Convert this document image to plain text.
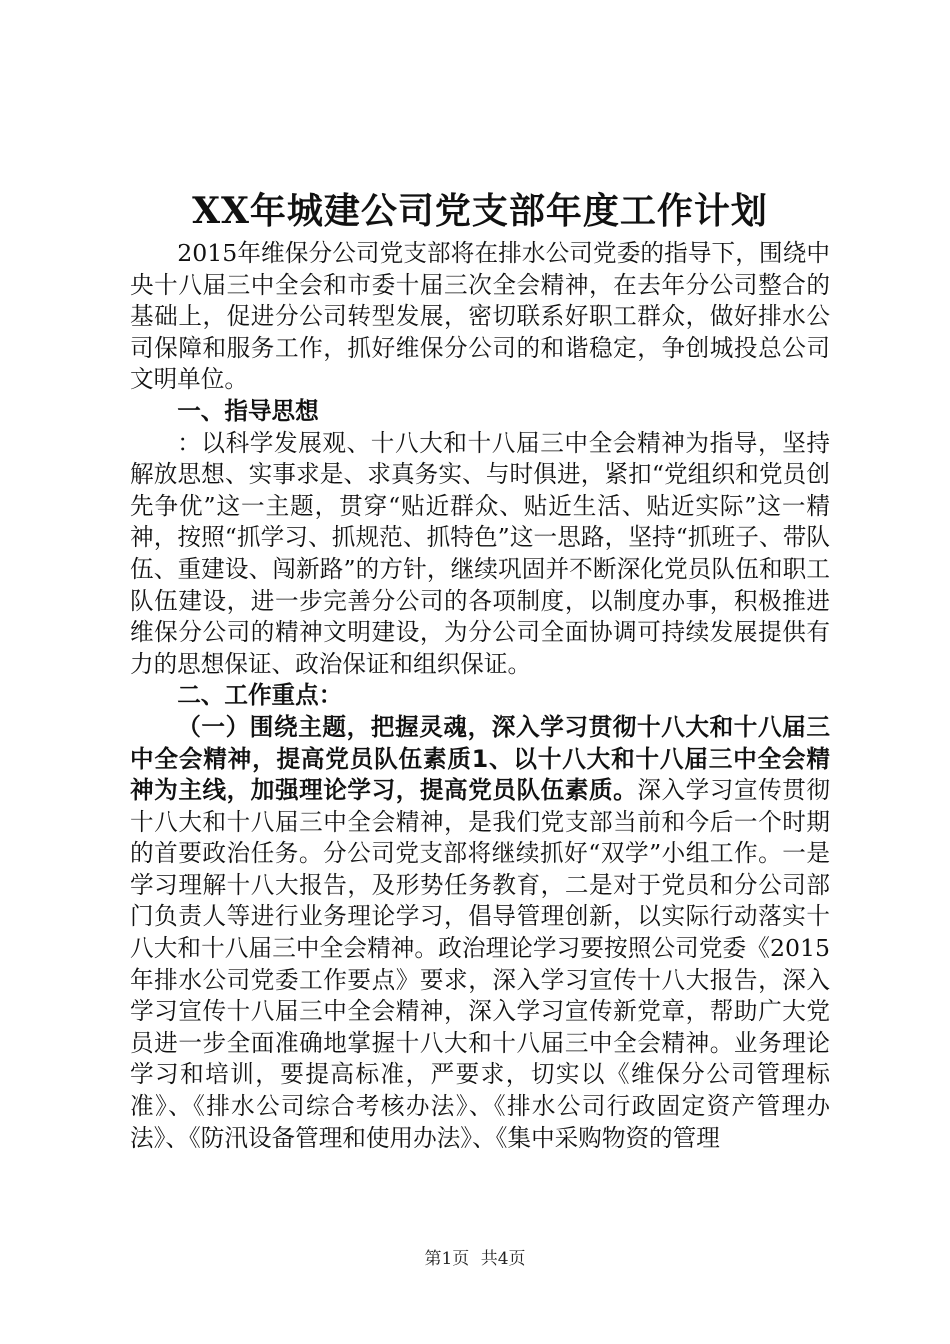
XX年城建公司党支部年度工作计划

2015年维保分公司党支部将在排水公司党委的指导下，围绕中央十八届三中全会和市委十届三次全会精神，在去年分公司整合的基础上，促进分公司转型发展，密切联系好职工群众，做好排水公司保障和服务工作，抓好维保分公司的和谐稳定，争创城投总公司文明单位。

一、指导思想

：以科学发展观、十八大和十八届三中全会精神为指导，坚持解放思想、实事求是、求真务实、与时俱进，紧扣“党组织和党员创先争优”这一主题，贯穿“贴近群众、贴近生活、贴近实际”这一精神，按照“抓学习、抓规范、抓特色”这一思路，坚持“抓班子、带队伍、重建设、闯新路”的方针，继续巩固并不断深化党员队伍和职工队伍建设，进一步完善分公司的各项制度，以制度办事，积极推进维保分公司的精神文明建设，为分公司全面协调可持续发展提供有力的思想保证、政治保证和组织保证。

二、工作重点：

（一）围绕主题，把握灵魂，深入学习贯彻十八大和十八届三中全会精神，提高党员队伍素质1、以十八大和十八届三中全会精神为主线，加强理论学习，提高党员队伍素质。深入学习宣传贯彻十八大和十八届三中全会精神，是我们党支部当前和今后一个时期的首要政治任务。分公司党支部将继续抓好“双学”小组工作。一是学习理解十八大报告，及形势任务教育，二是对于党员和分公司部门负责人等进行业务理论学习，倡导管理创新，以实际行动落实十八大和十八届三中全会精神。政治理论学习要按照公司党委《2015年排水公司党委工作要点》要求，深入学习宣传十八大报告，深入学习宣传十八届三中全会精神，深入学习宣传新党章，帮助广大党员进一步全面准确地掌握十八大和十八届三中全会精神。业务理论学习和培训，要提高标准，严要求，切实以《维保分公司管理标准》、《排水公司综合考核办法》、《排水公司行政固定资产管理办法》、《防汛设备管理和使用办法》、《集中采购物资的管理

第1页 共4页
